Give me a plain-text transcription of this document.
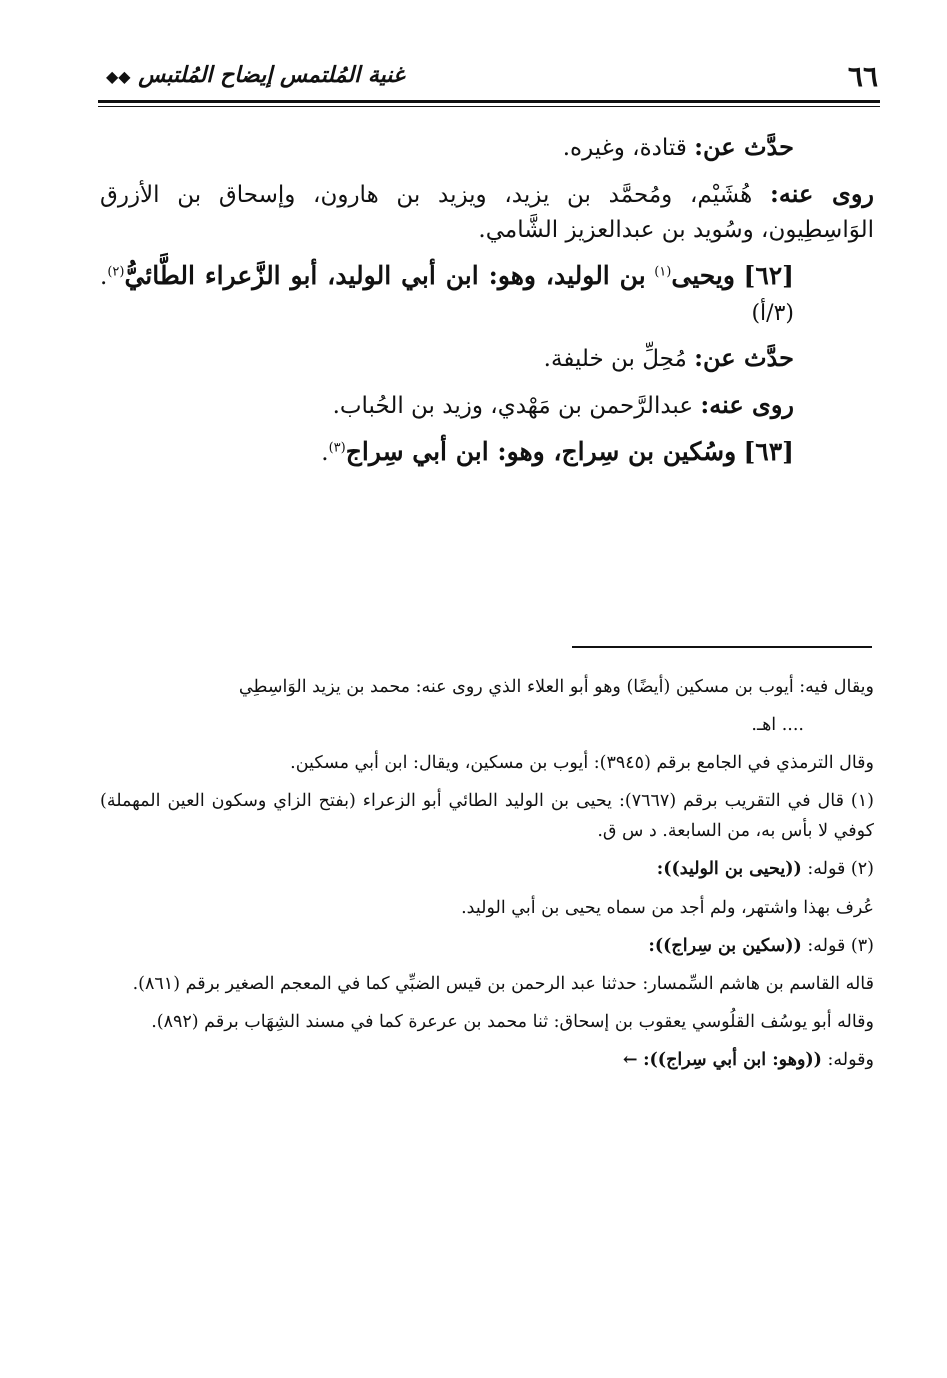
٦٦
غنية المُلتمس إيضاح المُلتبس ◆◆

حدَّث عن: قتادة، وغيره.

روى عنه: هُشَيْم، ومُحمَّد بن يزيد، ويزيد بن هارون، وإسحاق بن الأزرق الوَاسِطِيون، وسُويد بن عبدالعزيز الشَّامي.

[٦٢] ويحيى$^{(١)}$ بن الوليد، وهو: ابن أبي الوليد، أبو الزَّعراء الطَّائيُّ$^{(٢)}$. (٣/أ)

حدَّث عن: مُحِلِّ بن خليفة.

روى عنه: عبدالرَّحمن بن مَهْدي، وزيد بن الحُباب.

[٦٣] وسُكين بن سِراج، وهو: ابن أبي سِراج$^{(٣)}$.

ويقال فيه: أيوب بن مسكين (أيضًا) وهو أبو العلاء الذي روى عنه: محمد بن يزيد الوَاسِطِي

.... اهـ.

وقال الترمذي في الجامع برقم (٣٩٤٥): أيوب بن مسكين، ويقال: ابن أبي مسكين.

(١) قال في التقريب برقم (٧٦٦٧): يحيى بن الوليد الطائي أبو الزعراء (بفتح الزاي وسكون العين المهملة) كوفي لا بأس به، من السابعة. د س ق.

(٢) قوله: ((يحيى بن الوليد)):

عُرف بهذا واشتهر، ولم أجد من سماه يحيى بن أبي الوليد.

(٣) قوله: ((سكين بن سِراج)):

قاله القاسم بن هاشم السِّمسار: حدثنا عبد الرحمن بن قيس الضبِّي كما في المعجم الصغير برقم (٨٦١).

وقاله أبو يوسُف القلُوسي يعقوب بن إسحاق: ثنا محمد بن عرعرة كما في مسند الشِهَاب برقم (٨٩٢).

وقوله: ((وهو: ابن أبي سِراج)): ←
